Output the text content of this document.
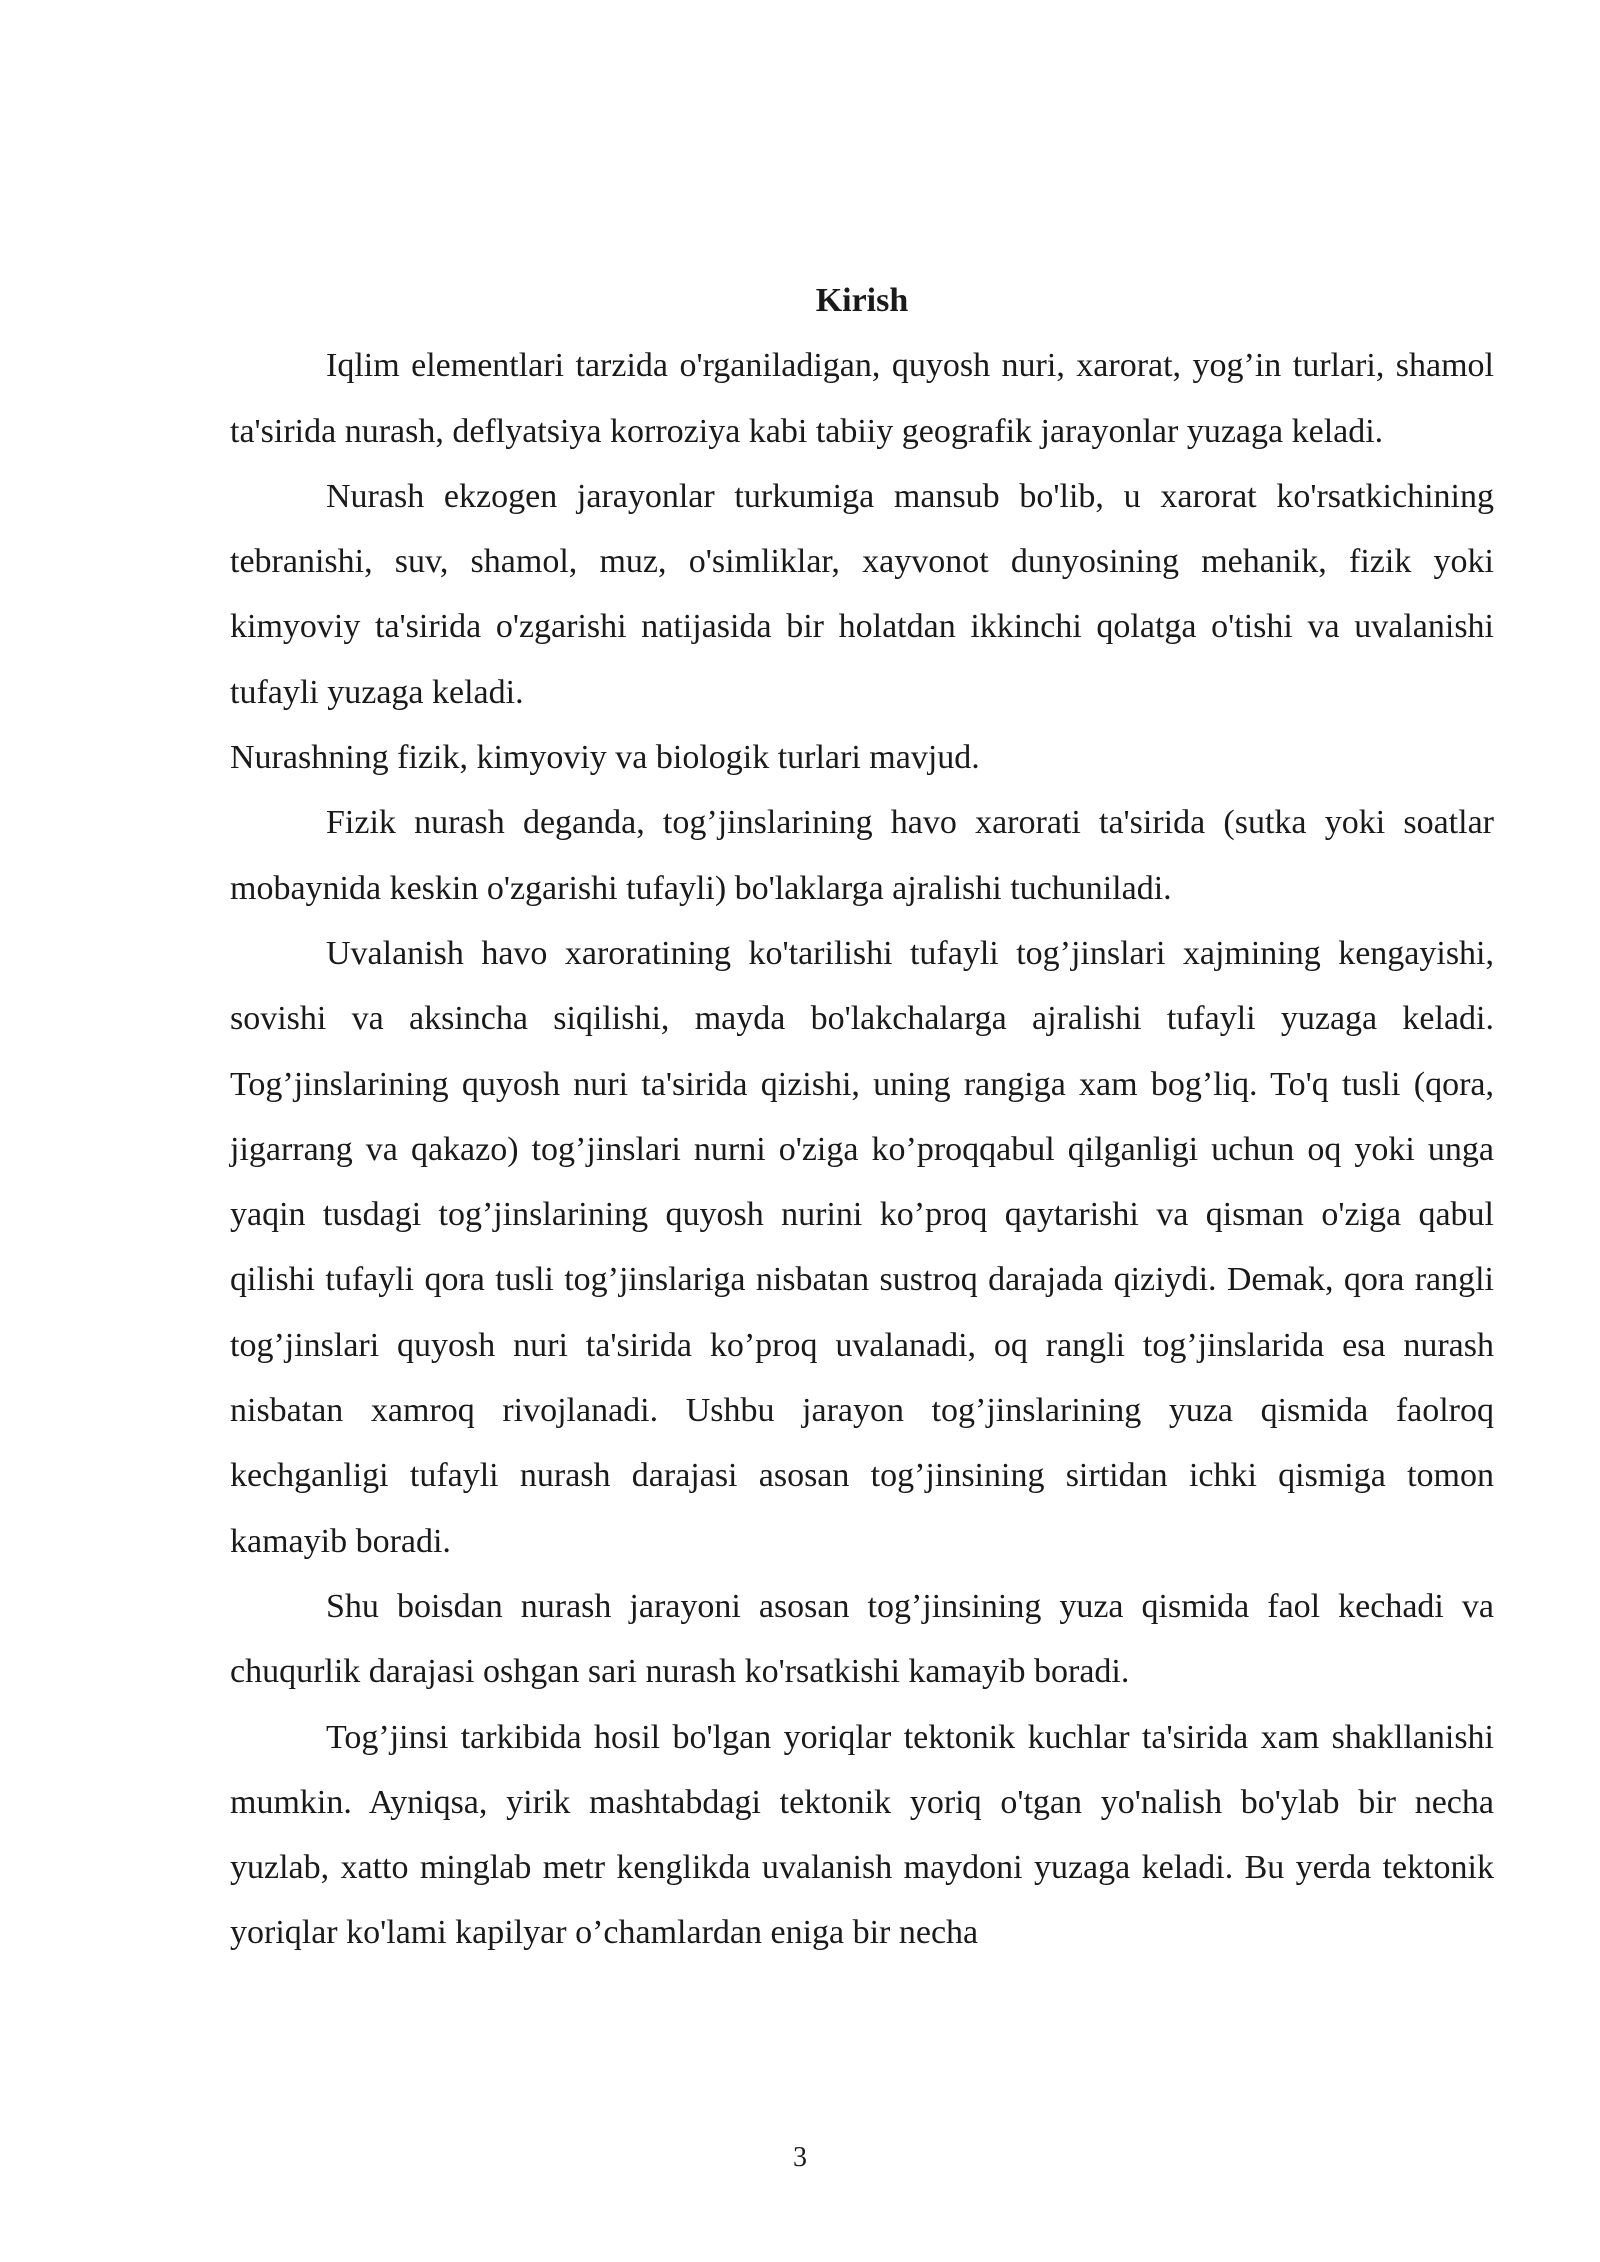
Kirish

Iqlim elementlari tarzida o'rganiladigan, quyosh nuri, xarorat, yog’in turlari, shamol ta'sirida nurash, deflyatsiya korroziya kabi tabiiy geografik jarayonlar yuzaga keladi.

Nurash ekzogen jarayonlar turkumiga mansub bo'lib, u xarorat ko'rsatkichining tebranishi, suv, shamol, muz, o'simliklar, xayvonot dunyosining mehanik, fizik yoki kimyoviy ta'sirida o'zgarishi natijasida bir holatdan ikkinchi qolatga o'tishi va uvalanishi tufayli yuzaga keladi.

Nurashning fizik, kimyoviy va biologik turlari mavjud.

Fizik nurash deganda, tog’jinslarining havo xarorati ta'sirida (sutka yoki soatlar mobaynida keskin o'zgarishi tufayli) bo'laklarga ajralishi tuchuniladi.

Uvalanish havo xaroratining ko'tarilishi tufayli tog’jinslari xajmining kengayishi, sovishi va aksincha siqilishi, mayda bo'lakchalarga ajralishi tufayli yuzaga keladi. Tog’jinslarining quyosh nuri ta'sirida qizishi, uning rangiga xam bog’liq. To'q tusli (qora, jigarrang va qakazo) tog’jinslari nurni o'ziga ko’proqqabul qilganligi uchun oq yoki unga yaqin tusdagi tog’jinslarining quyosh nurini ko’proq qaytarishi va qisman o'ziga qabul qilishi tufayli qora tusli tog’jinslariga nisbatan sustroq darajada qiziydi. Demak, qora rangli tog’jinslari quyosh nuri ta'sirida ko’proq uvalanadi, oq rangli tog’jinslarida esa nurash nisbatan xamroq rivojlanadi. Ushbu jarayon tog’jinslarining yuza qismida faolroq kechganligi tufayli nurash darajasi asosan tog’jinsining sirtidan ichki qismiga tomon kamayib boradi.

Shu boisdan nurash jarayoni asosan tog’jinsining yuza qismida faol kechadi va chuqurlik darajasi oshgan sari nurash ko'rsatkishi kamayib boradi.

Tog’jinsi tarkibida hosil bo'lgan yoriqlar tektonik kuchlar ta'sirida xam shakllanishi mumkin. Ayniqsa, yirik mashtabdagi tektonik yoriq o'tgan yo'nalish bo'ylab bir necha yuzlab, xatto minglab metr kenglikda uvalanish maydoni yuzaga keladi. Bu yerda tektonik yoriqlar ko'lami kapilyar o’chamlardan eniga bir necha

3
